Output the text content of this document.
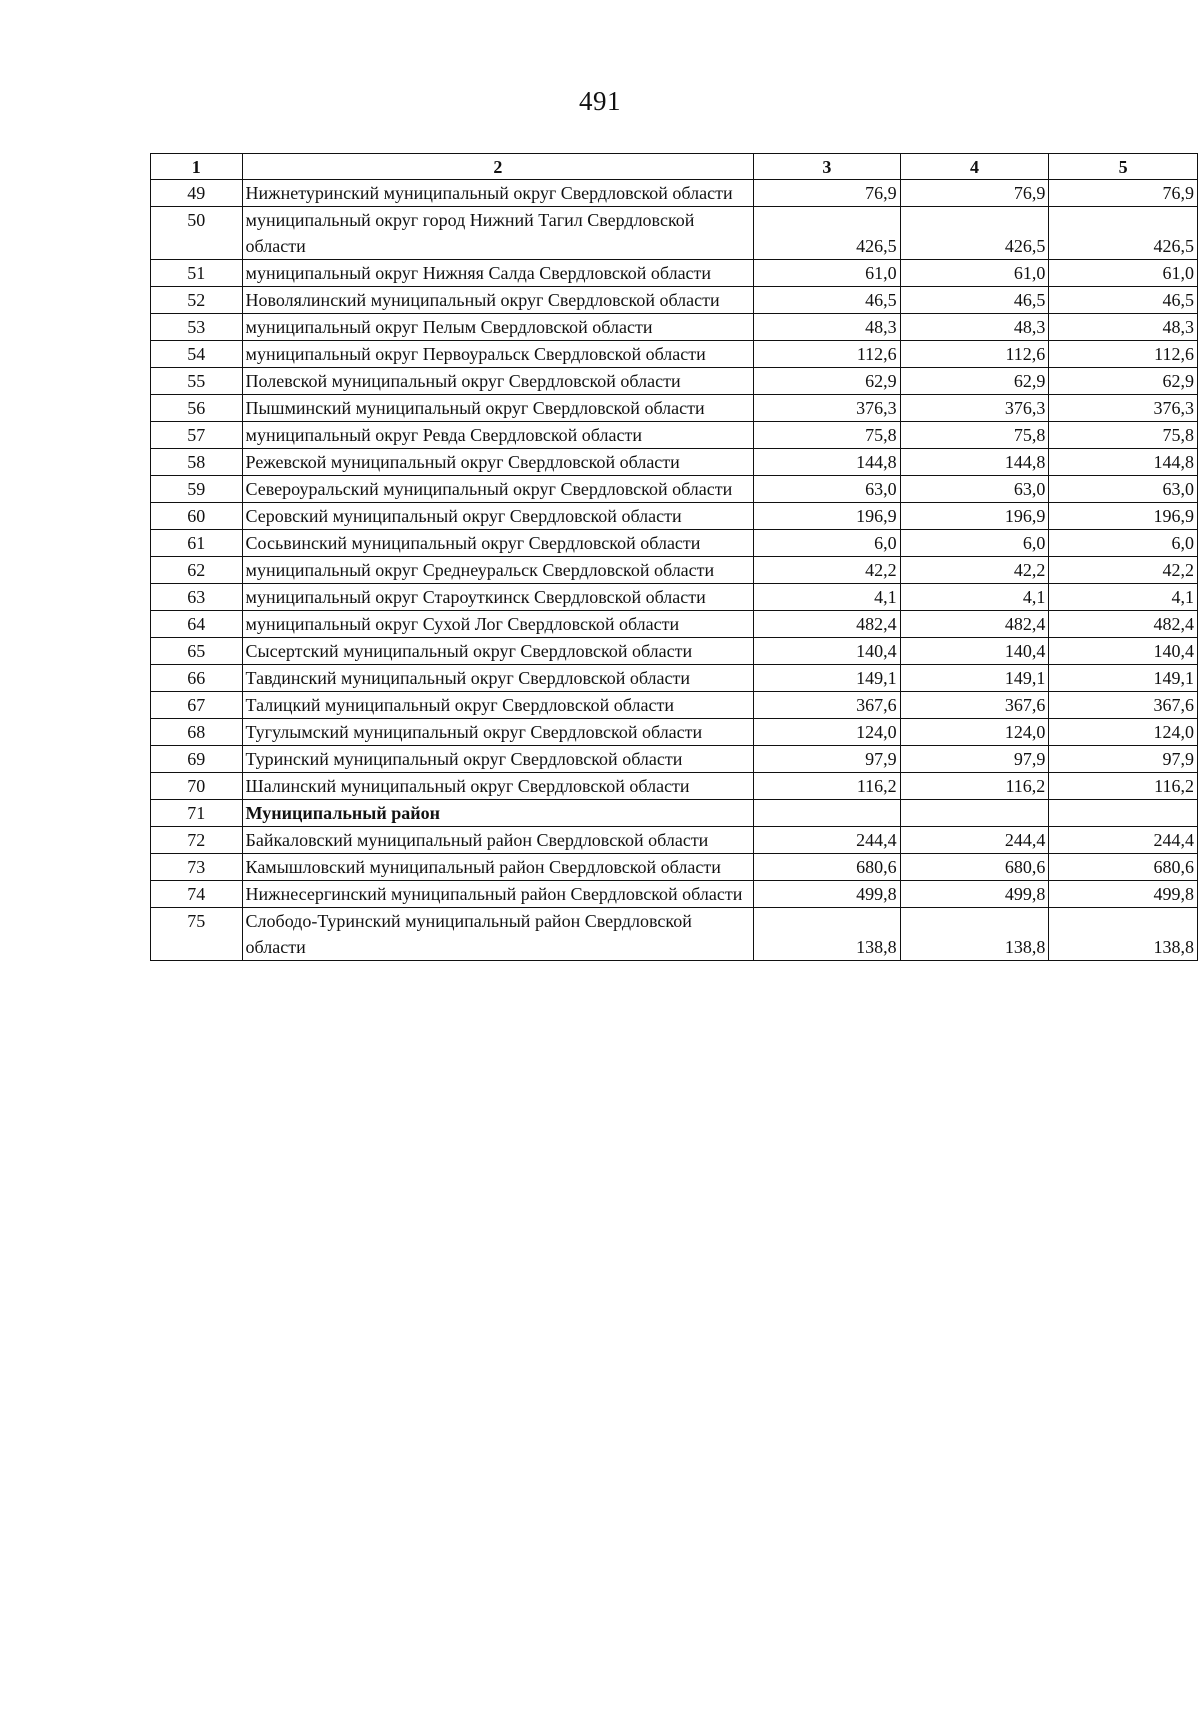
491
1	2	3	4	5
49	Нижнетуринский муниципальный округ Свердловской области	76,9	76,9	76,9
50	муниципальный округ город Нижний Тагил Свердловской области	426,5	426,5	426,5
51	муниципальный округ Нижняя Салда Свердловской области	61,0	61,0	61,0
52	Новолялинский муниципальный округ Свердловской области	46,5	46,5	46,5
53	муниципальный округ Пелым Свердловской области	48,3	48,3	48,3
54	муниципальный округ Первоуральск Свердловской области	112,6	112,6	112,6
55	Полевской муниципальный округ Свердловской области	62,9	62,9	62,9
56	Пышминский муниципальный округ Свердловской области	376,3	376,3	376,3
57	муниципальный округ Ревда Свердловской области	75,8	75,8	75,8
58	Режевской муниципальный округ Свердловской области	144,8	144,8	144,8
59	Североуральский муниципальный округ Свердловской области	63,0	63,0	63,0
60	Серовский муниципальный округ Свердловской области	196,9	196,9	196,9
61	Сосьвинский муниципальный округ Свердловской области	6,0	6,0	6,0
62	муниципальный округ Среднеуральск Свердловской области	42,2	42,2	42,2
63	муниципальный округ Староуткинск Свердловской области	4,1	4,1	4,1
64	муниципальный округ Сухой Лог Свердловской области	482,4	482,4	482,4
65	Сысертский муниципальный округ Свердловской области	140,4	140,4	140,4
66	Тавдинский муниципальный округ Свердловской области	149,1	149,1	149,1
67	Талицкий муниципальный округ Свердловской области	367,6	367,6	367,6
68	Тугулымский муниципальный округ Свердловской области	124,0	124,0	124,0
69	Туринский муниципальный округ Свердловской области	97,9	97,9	97,9
70	Шалинский муниципальный округ Свердловской области	116,2	116,2	116,2
71	Муниципальный район			
72	Байкаловский муниципальный район Свердловской области	244,4	244,4	244,4
73	Камышловский муниципальный район Свердловской области	680,6	680,6	680,6
74	Нижнесергинский муниципальный район Свердловской области	499,8	499,8	499,8
75	Слободо-Туринский муниципальный район Свердловской области	138,8	138,8	138,8
